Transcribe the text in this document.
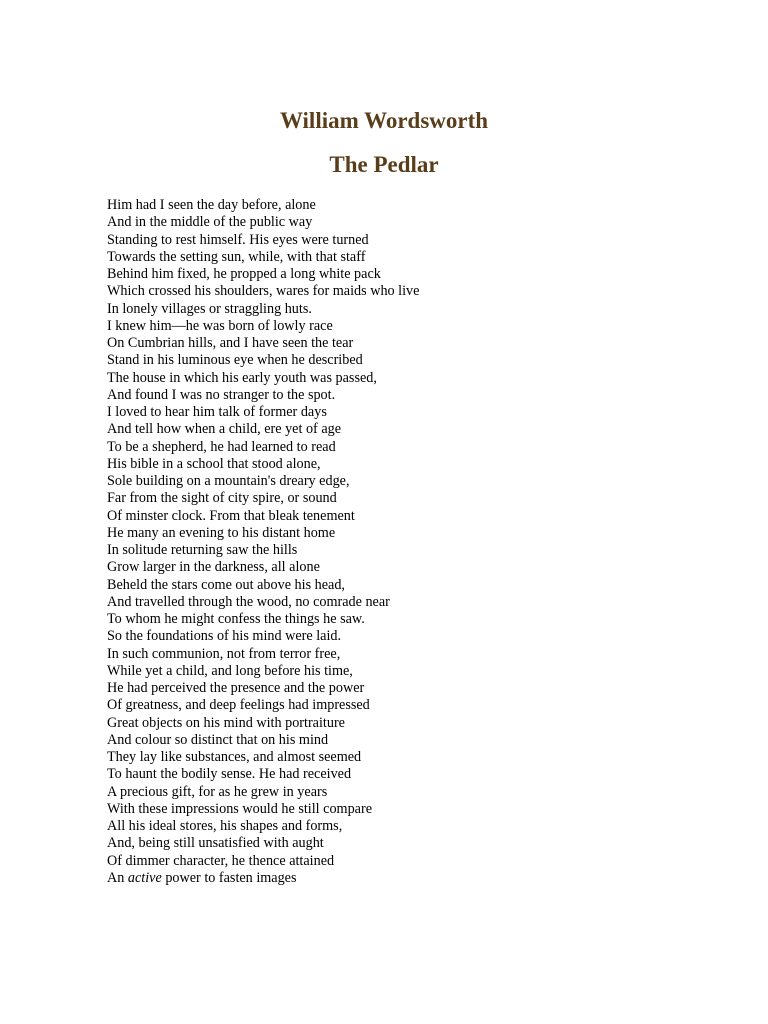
William Wordsworth
The Pedlar
Him had I seen the day before, alone
And in the middle of the public way
Standing to rest himself. His eyes were turned
Towards the setting sun, while, with that staff
Behind him fixed, he propped a long white pack
Which crossed his shoulders, wares for maids who live
In lonely villages or straggling huts.
I knew him—he was born of lowly race
On Cumbrian hills, and I have seen the tear
Stand in his luminous eye when he described
The house in which his early youth was passed,
And found I was no stranger to the spot.
I loved to hear him talk of former days
And tell how when a child, ere yet of age
To be a shepherd, he had learned to read
His bible in a school that stood alone,
Sole building on a mountain's dreary edge,
Far from the sight of city spire, or sound
Of minster clock. From that bleak tenement
He many an evening to his distant home
In solitude returning saw the hills
Grow larger in the darkness, all alone
Beheld the stars come out above his head,
And travelled through the wood, no comrade near
To whom he might confess the things he saw.
So the foundations of his mind were laid.
In such communion, not from terror free,
While yet a child, and long before his time,
He had perceived the presence and the power
Of greatness, and deep feelings had impressed
Great objects on his mind with portraiture
And colour so distinct that on his mind
They lay like substances, and almost seemed
To haunt the bodily sense. He had received
A precious gift, for as he grew in years
With these impressions would he still compare
All his ideal stores, his shapes and forms,
And, being still unsatisfied with aught
Of dimmer character, he thence attained
An active power to fasten images
